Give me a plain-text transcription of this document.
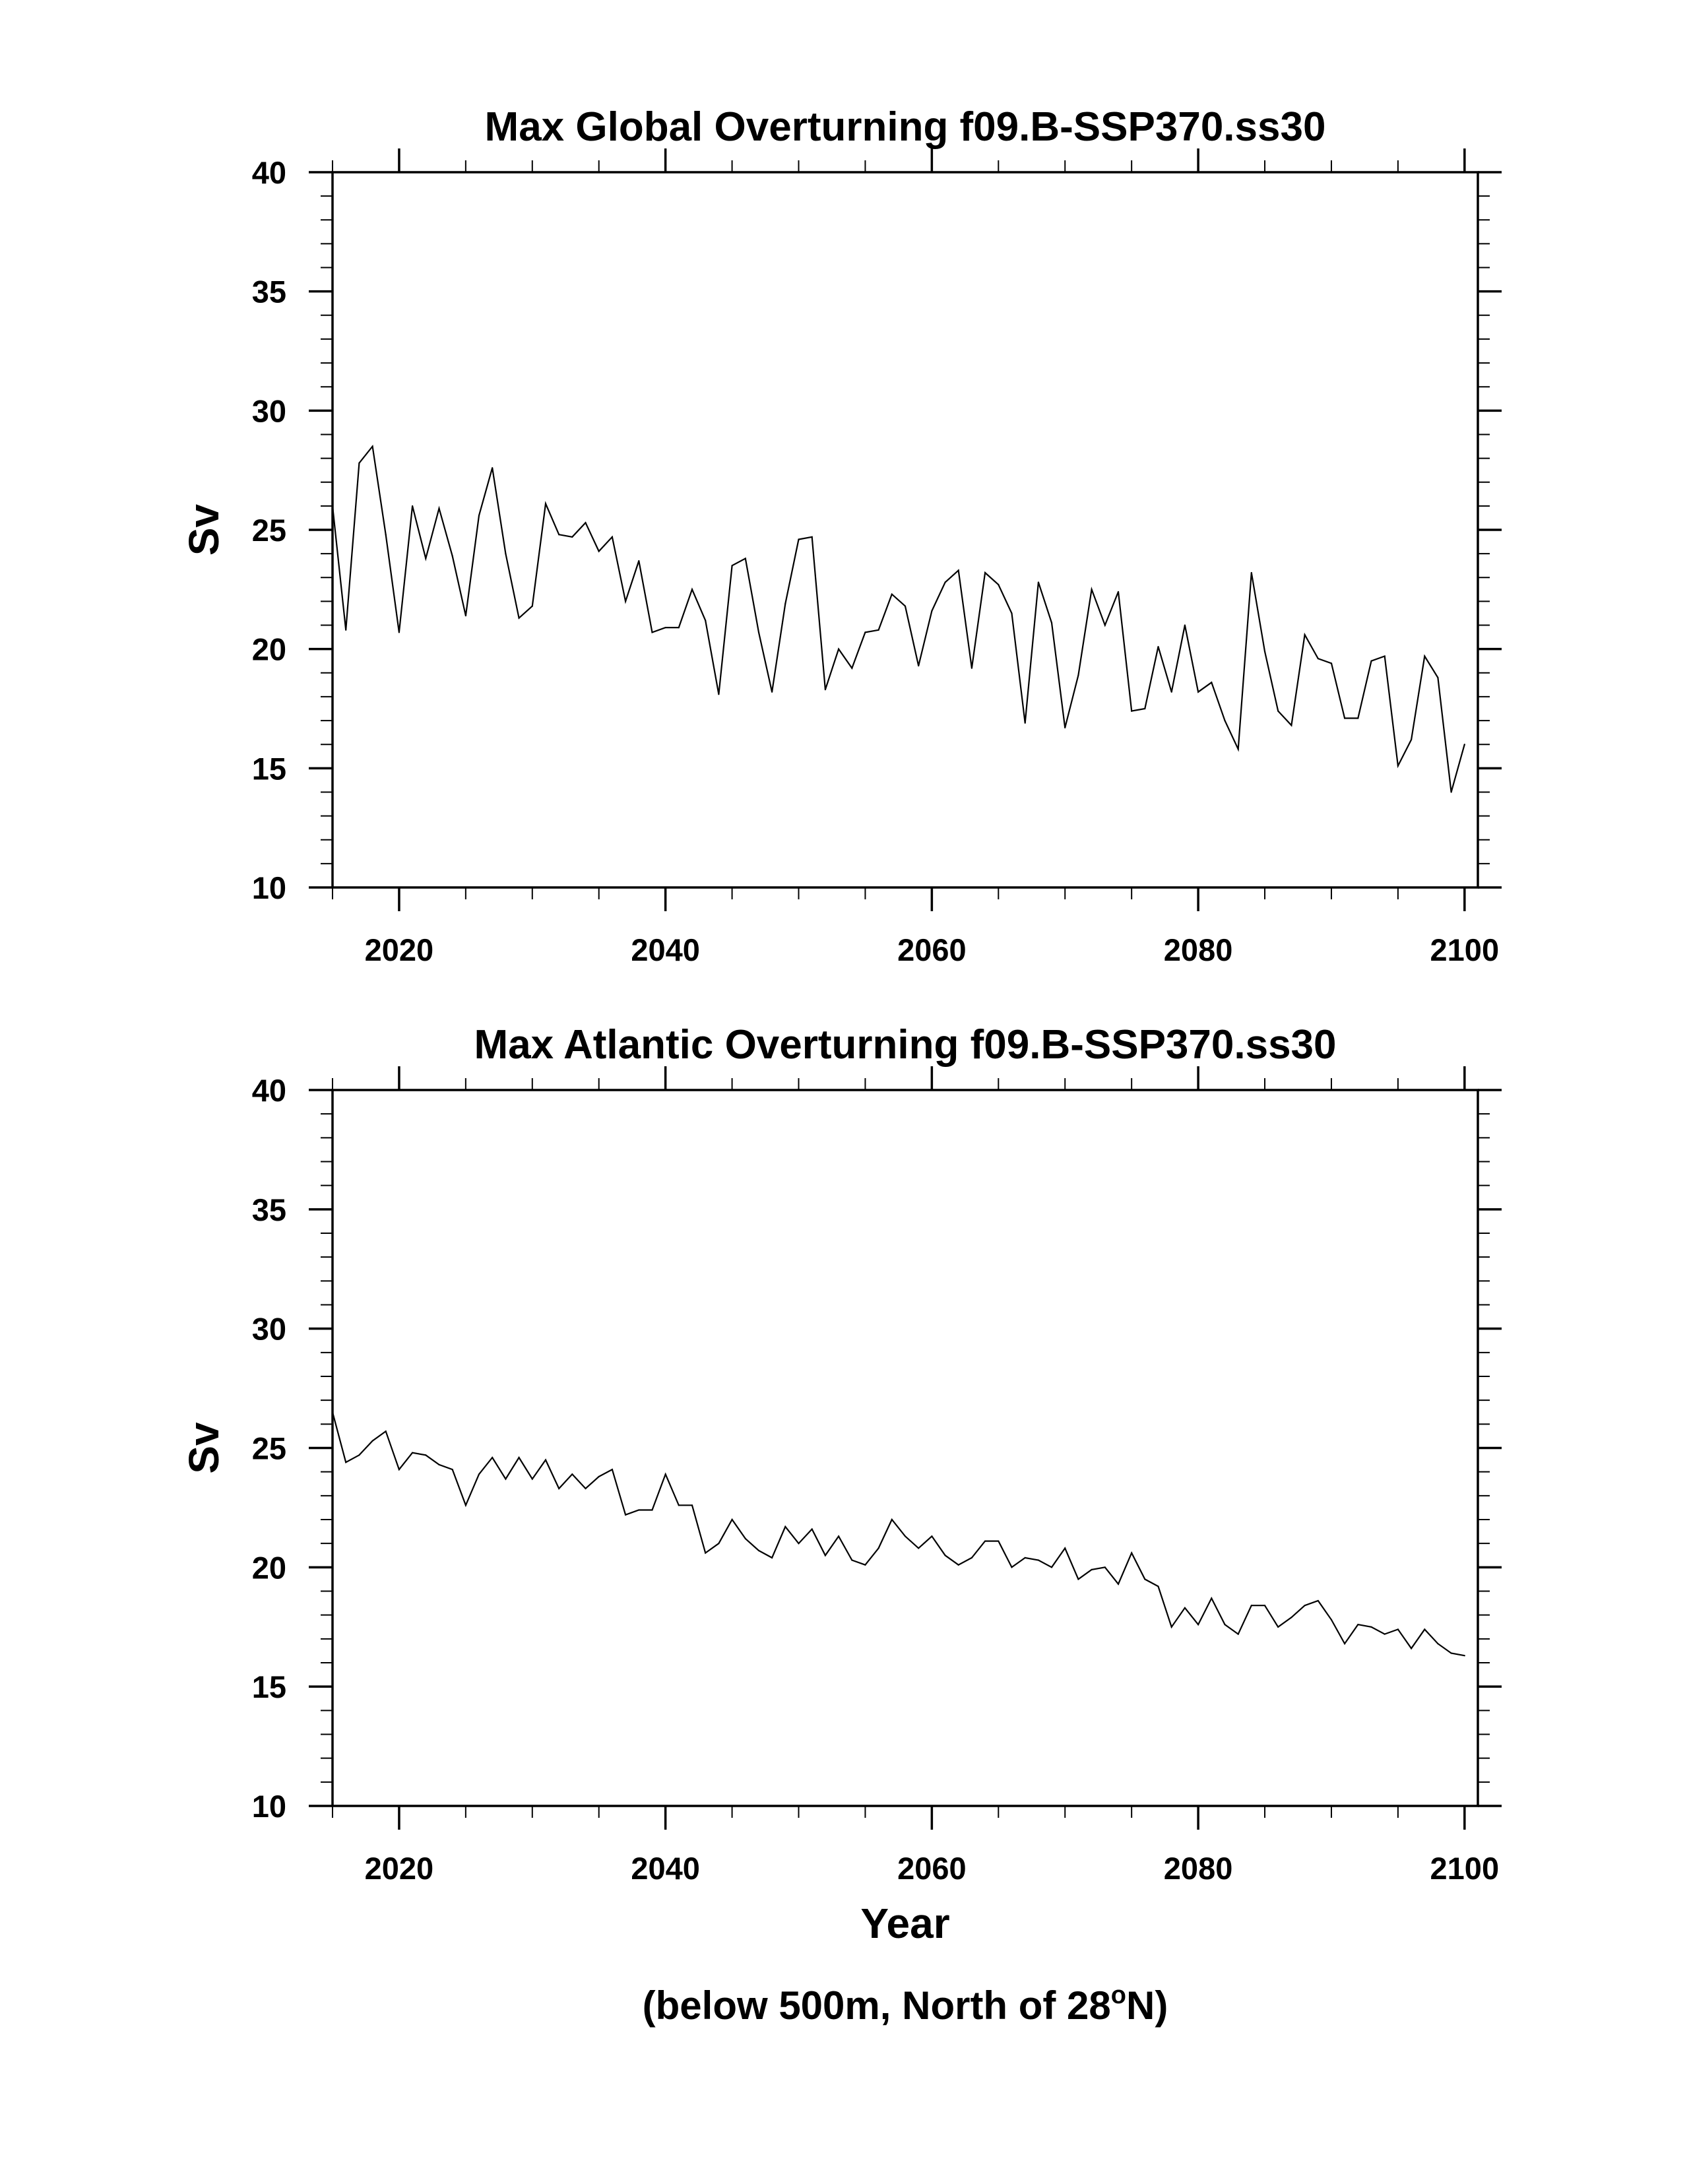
Max Global Overturning f09.B-SSP370.ss30
Sv
10
15
20
25
30
35
40
2020	2040	2060	2080	2100
Max Atlantic Overturning f09.B-SSP370.ss30
Sv
10
15
20
25
30
35
40
2020	2040	2060	2080	2100
Year
(below 500m, North of 28$^o$N)
